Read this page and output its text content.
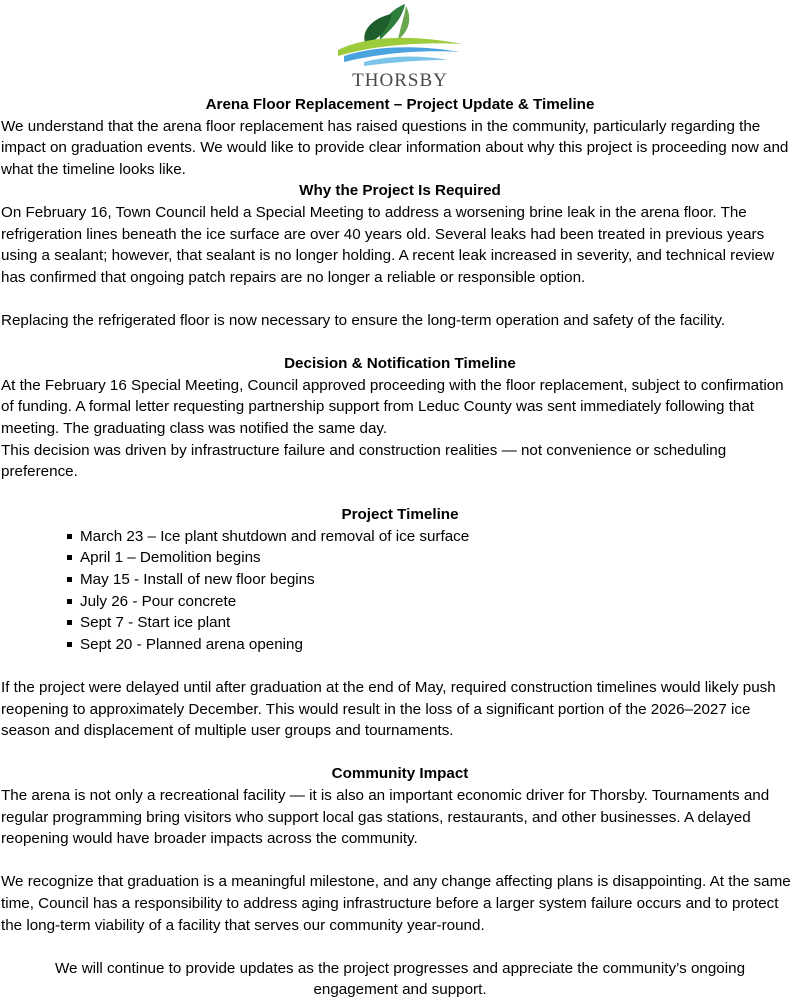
THORSBY
Arena Floor Replacement – Project Update & Timeline

We understand that the arena floor replacement has raised questions in the community, particularly regarding the impact on graduation events. We would like to provide clear information about why this project is proceeding now and what the timeline looks like.

Why the Project Is Required

On February 16, Town Council held a Special Meeting to address a worsening brine leak in the arena floor. The refrigeration lines beneath the ice surface are over 40 years old. Several leaks had been treated in previous years using a sealant; however, that sealant is no longer holding. A recent leak increased in severity, and technical review has confirmed that ongoing patch repairs are no longer a reliable or responsible option.

Replacing the refrigerated floor is now necessary to ensure the long-term operation and safety of the facility.

Decision & Notification Timeline

At the February 16 Special Meeting, Council approved proceeding with the floor replacement, subject to confirmation of funding. A formal letter requesting partnership support from Leduc County was sent immediately following that meeting. The graduating class was notified the same day.

This decision was driven by infrastructure failure and construction realities — not convenience or scheduling preference.

Project Timeline
March 23 – Ice plant shutdown and removal of ice surface
April 1 – Demolition begins
May 15 - Install of new floor begins
July 26 - Pour concrete
Sept 7 - Start ice plant
Sept 20 - Planned arena opening

If the project were delayed until after graduation at the end of May, required construction timelines would likely push reopening to approximately December. This would result in the loss of a significant portion of the 2026–2027 ice season and displacement of multiple user groups and tournaments.

Community Impact

The arena is not only a recreational facility — it is also an important economic driver for Thorsby. Tournaments and regular programming bring visitors who support local gas stations, restaurants, and other businesses. A delayed reopening would have broader impacts across the community.

We recognize that graduation is a meaningful milestone, and any change affecting plans is disappointing. At the same time, Council has a responsibility to address aging infrastructure before a larger system failure occurs and to protect the long-term viability of a facility that serves our community year-round.

We will continue to provide updates as the project progresses and appreciate the community’s ongoing engagement and support.
